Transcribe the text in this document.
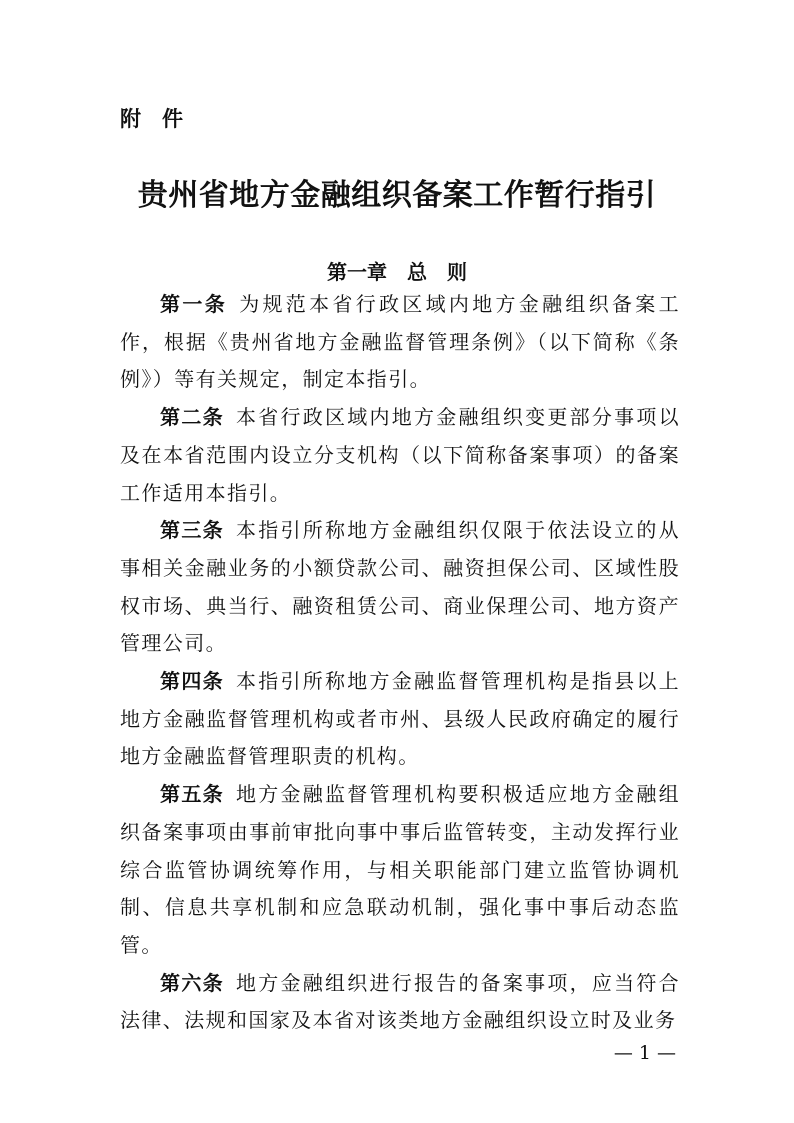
附　件
贵州省地方金融组织备案工作暂行指引
第一章　总　则

第一条 为规范本省行政区域内地方金融组织备案工作，根据《贵州省地方金融监督管理条例》（以下简称《条例》）等有关规定，制定本指引。

第二条 本省行政区域内地方金融组织变更部分事项以及在本省范围内设立分支机构（以下简称备案事项）的备案工作适用本指引。

第三条 本指引所称地方金融组织仅限于依法设立的从事相关金融业务的小额贷款公司、融资担保公司、区域性股权市场、典当行、融资租赁公司、商业保理公司、地方资产管理公司。

第四条 本指引所称地方金融监督管理机构是指县以上地方金融监督管理机构或者市州、县级人民政府确定的履行地方金融监督管理职责的机构。

第五条 地方金融监督管理机构要积极适应地方金融组织备案事项由事前审批向事中事后监管转变，主动发挥行业综合监管协调统筹作用，与相关职能部门建立监管协调机制、信息共享机制和应急联动机制，强化事中事后动态监管。

第六条 地方金融组织进行报告的备案事项，应当符合法律、法规和国家及本省对该类地方金融组织设立时及业务

— 1 —
